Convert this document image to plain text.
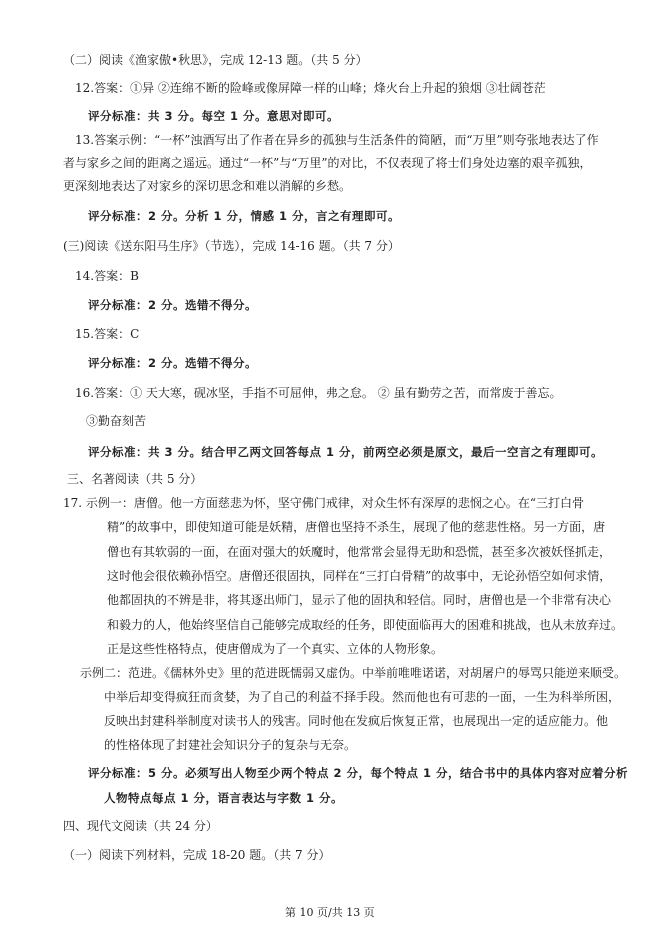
（二）阅读《渔家傲•秋思》，完成 12-13 题。（共 5 分）
12.答案：①异 ②连绵不断的险峰或像屏障一样的山峰；烽火台上升起的狼烟 ③壮阔苍茫
评分标准：共 3 分。每空 1 分。意思对即可。
13.答案示例：“一杯”浊酒写出了作者在异乡的孤独与生活条件的简陋，而“万里”则夸张地表达了作
者与家乡之间的距离之遥远。通过“一杯”与“万里”的对比，不仅表现了将士们身处边塞的艰辛孤独，
更深刻地表达了对家乡的深切思念和难以消解的乡愁。
评分标准：2 分。分析 1 分，情感 1 分，言之有理即可。
(三)阅读《送东阳马生序》（节选），完成 14-16 题。（共 7 分）
14.答案：B
评分标准：2 分。选错不得分。
15.答案：C
评分标准：2 分。选错不得分。
16.答案：① 天大寒，砚冰坚，手指不可屈伸，弗之怠。 ② 虽有勤劳之苦，而常废于善忘。
③勤奋刻苦
评分标准：共 3 分。结合甲乙两文回答每点 1 分，前两空必须是原文，最后一空言之有理即可。
三、名著阅读（共 5 分）
17. 示例一：唐僧。他一方面慈悲为怀，坚守佛门戒律，对众生怀有深厚的悲悯之心。在“三打白骨
精”的故事中，即使知道可能是妖精，唐僧也坚持不杀生，展现了他的慈悲性格。另一方面，唐
僧也有其软弱的一面，在面对强大的妖魔时，他常常会显得无助和恐慌，甚至多次被妖怪抓走，
这时他会很依赖孙悟空。唐僧还很固执，同样在“三打白骨精”的故事中，无论孙悟空如何求情，
他都固执的不辨是非，将其逐出师门，显示了他的固执和轻信。同时，唐僧也是一个非常有决心
和毅力的人，他始终坚信自己能够完成取经的任务，即使面临再大的困难和挑战，也从未放弃过。
正是这些性格特点，使唐僧成为了一个真实、立体的人物形象。
示例二：范进。《儒林外史》里的范进既懦弱又虚伪。中举前唯唯诺诺，对胡屠户的辱骂只能逆来顺受。
中举后却变得疯狂而贪婪，为了自己的利益不择手段。然而他也有可悲的一面，一生为科举所困，
反映出封建科举制度对读书人的残害。同时他在发疯后恢复正常，也展现出一定的适应能力。他
的性格体现了封建社会知识分子的复杂与无奈。
评分标准：5 分。必须写出人物至少两个特点 2 分，每个特点 1 分，结合书中的具体内容对应着分析
人物特点每点 1 分，语言表达与字数 1 分。
四、现代文阅读（共 24 分）
（一）阅读下列材料，完成 18-20 题。（共 7 分）
第 10 页/共 13 页
